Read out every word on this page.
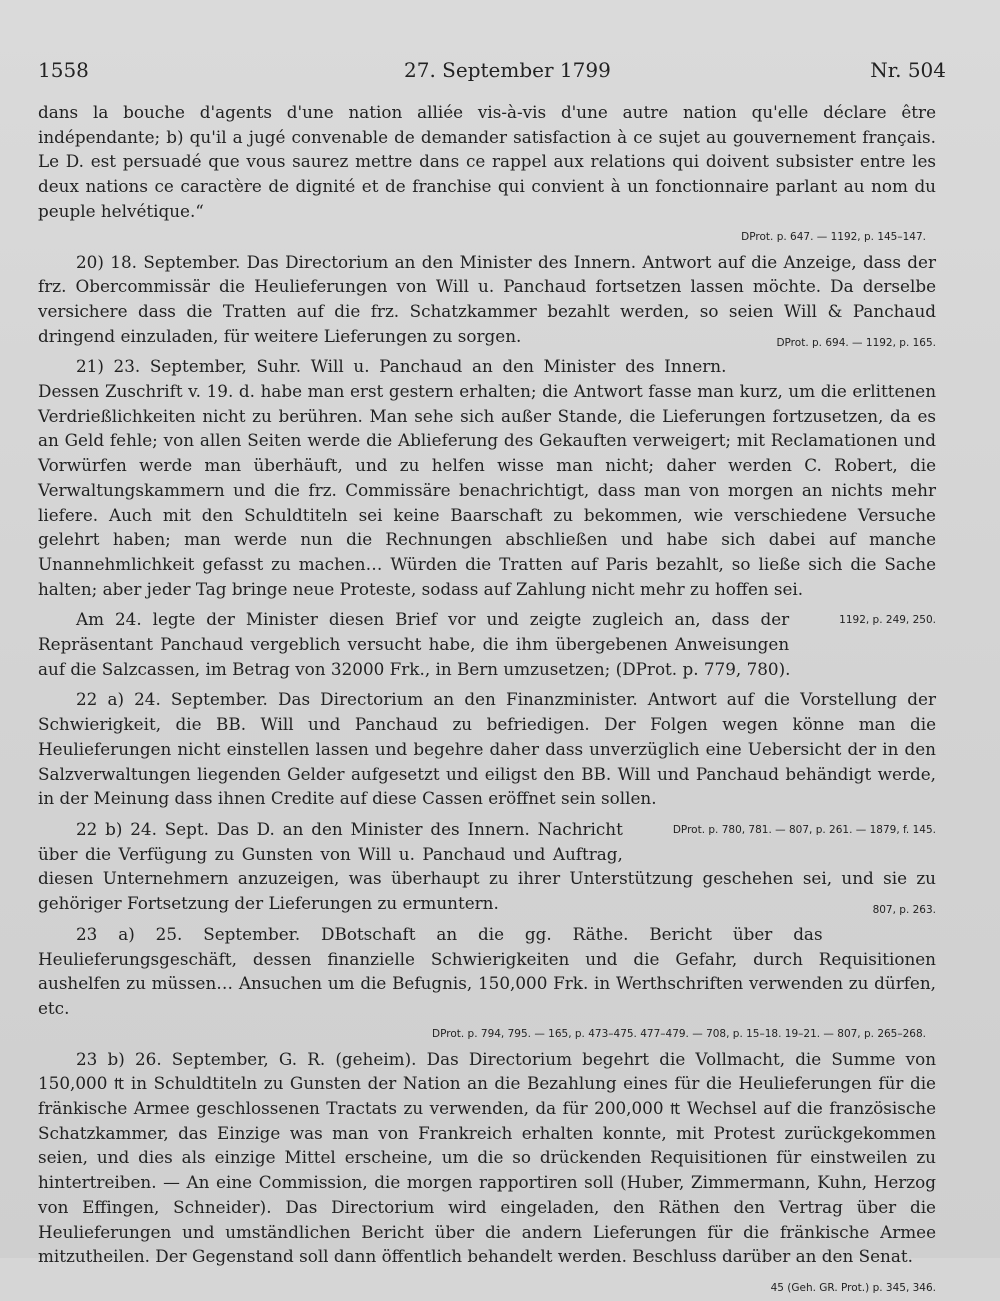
1558	27. September 1799	Nr. 504

dans la bouche d'agents d'une nation alliée vis-à-vis d'une autre nation qu'elle déclare être indépendante; b) qu'il a jugé convenable de demander satisfaction à ce sujet au gouvernement français. Le D. est persuadé que vous saurez mettre dans ce rappel aux relations qui doivent subsister entre les deux nations ce caractère de dignité et de franchise qui convient à un fonctionnaire parlant au nom du peuple helvétique.“

DProt. p. 647. — 1192, p. 145–147.

20) 18. September. Das Directorium an den Minister des Innern. Antwort auf die Anzeige, dass der frz. Obercommissär die Heulieferungen von Will u. Panchaud fortsetzen lassen möchte. Da derselbe versichere dass die Tratten auf die frz. Schatzkammer bezahlt werden, so seien Will & Panchaud dringend einzuladen, für weitere Lieferungen zu sorgen.	DProt. p. 694. — 1192, p. 165.

21) 23. September, Suhr. Will u. Panchaud an den Minister des Innern. Dessen Zuschrift v. 19. d. habe man erst gestern erhalten; die Antwort fasse man kurz, um die erlittenen Verdrießlichkeiten nicht zu berühren. Man sehe sich außer Stande, die Lieferungen fortzusetzen, da es an Geld fehle; von allen Seiten werde die Ablieferung des Gekauften verweigert; mit Reclamationen und Vorwürfen werde man überhäuft, und zu helfen wisse man nicht; daher werden C. Robert, die Verwaltungskammern und die frz. Commissäre benachrichtigt, dass man von morgen an nichts mehr liefere. Auch mit den Schuldtiteln sei keine Baarschaft zu bekommen, wie verschiedene Versuche gelehrt haben; man werde nun die Rechnungen abschließen und habe sich dabei auf manche Unannehmlichkeit gefasst zu machen… Würden die Tratten auf Paris bezahlt, so ließe sich die Sache halten; aber jeder Tag bringe neue Proteste, sodass auf Zahlung nicht mehr zu hoffen sei.
1192, p. 249, 250.

Am 24. legte der Minister diesen Brief vor und zeigte zugleich an, dass der Repräsentant Panchaud vergeblich versucht habe, die ihm übergebenen Anweisungen auf die Salzcassen, im Betrag von 32000 Frk., in Bern umzusetzen; (DProt. p. 779, 780).

22 a) 24. September. Das Directorium an den Finanzminister. Antwort auf die Vorstellung der Schwierigkeit, die BB. Will und Panchaud zu befriedigen. Der Folgen wegen könne man die Heulieferungen nicht einstellen lassen und begehre daher dass unverzüglich eine Uebersicht der in den Salzverwaltungen liegenden Gelder aufgesetzt und eiligst den BB. Will und Panchaud behändigt werde, in der Meinung dass ihnen Credite auf diese Cassen eröffnet sein sollen.
DProt. p. 780, 781. — 807, p. 261. — 1879, f. 145.

22 b) 24. Sept. Das D. an den Minister des Innern. Nachricht über die Verfügung zu Gunsten von Will u. Panchaud und Auftrag, diesen Unternehmern anzuzeigen, was überhaupt zu ihrer Unterstützung geschehen sei, und sie zu gehöriger Fortsetzung der Lieferungen zu ermuntern.	807, p. 263.

23 a) 25. September. DBotschaft an die gg. Räthe. Bericht über das Heulieferungsgeschäft, dessen finanzielle Schwierigkeiten und die Gefahr, durch Requisitionen aushelfen zu müssen… Ansuchen um die Befugnis, 150,000 Frk. in Werthschriften verwenden zu dürfen, etc.

DProt. p. 794, 795. — 165, p. 473–475. 477–479. — 708, p. 15–18. 19–21. — 807, p. 265–268.

23 b) 26. September, G. R. (geheim). Das Directorium begehrt die Vollmacht, die Summe von 150,000 ₶ in Schuldtiteln zu Gunsten der Nation an die Bezahlung eines für die Heulieferungen für die fränkische Armee geschlossenen Tractats zu verwenden, da für 200,000 ₶ Wechsel auf die französische Schatzkammer, das Einzige was man von Frankreich erhalten konnte, mit Protest zurückgekommen seien, und dies als einzige Mittel erscheine, um die so drückenden Requisitionen für einstweilen zu hintertreiben. — An eine Commission, die morgen rapportiren soll (Huber, Zimmermann, Kuhn, Herzog von Effingen, Schneider). Das Directorium wird eingeladen, den Räthen den Vertrag über die Heulieferungen und umständlichen Bericht über die andern Lieferungen für die fränkische Armee mitzutheilen. Der Gegenstand soll dann öffentlich behandelt werden. Beschluss darüber an den Senat.
45 (Geh. GR. Prot.) p. 345, 346.
